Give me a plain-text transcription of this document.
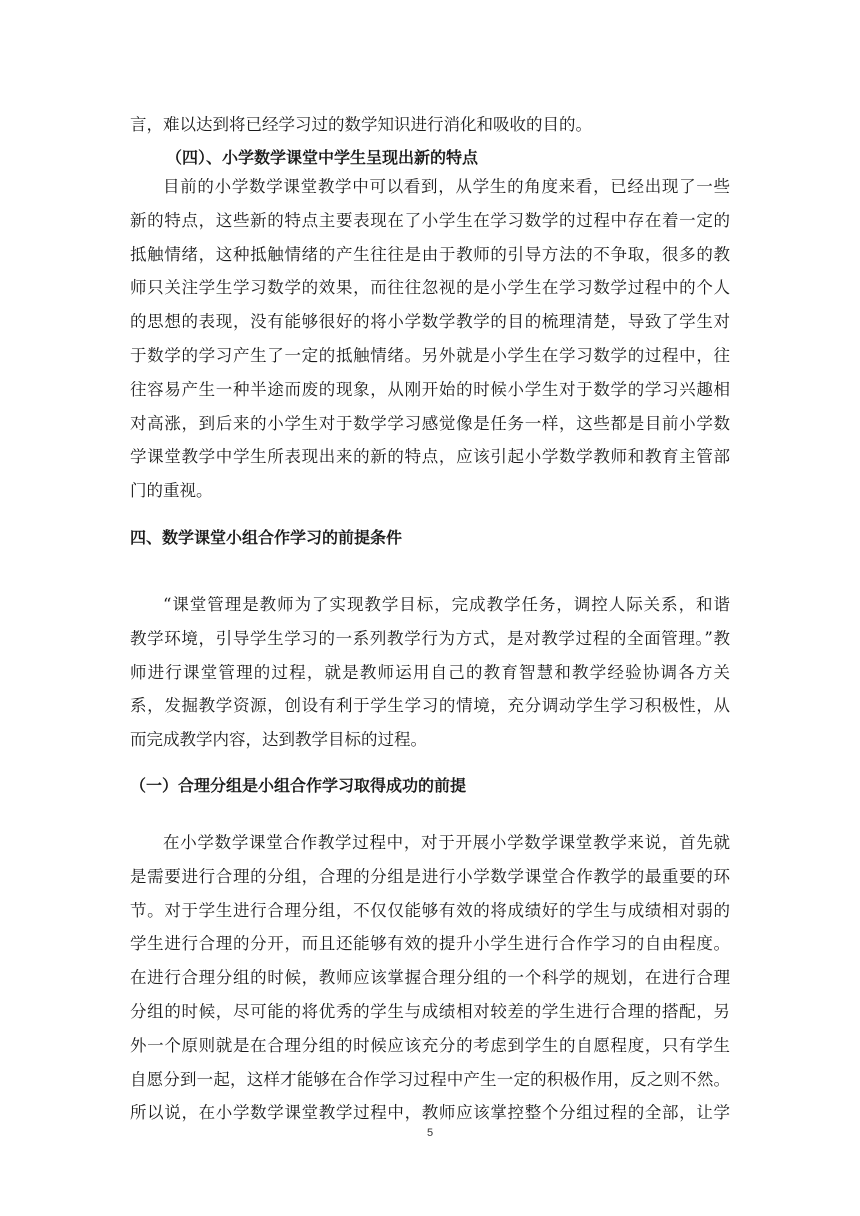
言，难以达到将已经学习过的数学知识进行消化和吸收的目的。
（四）、小学数学课堂中学生呈现出新的特点
目前的小学数学课堂教学中可以看到，从学生的角度来看，已经出现了一些
新的特点，这些新的特点主要表现在了小学生在学习数学的过程中存在着一定的
抵触情绪，这种抵触情绪的产生往往是由于教师的引导方法的不争取，很多的教
师只关注学生学习数学的效果，而往往忽视的是小学生在学习数学过程中的个人
的思想的表现，没有能够很好的将小学数学教学的目的梳理清楚，导致了学生对
于数学的学习产生了一定的抵触情绪。另外就是小学生在学习数学的过程中，往
往容易产生一种半途而废的现象，从刚开始的时候小学生对于数学的学习兴趣相
对高涨，到后来的小学生对于数学学习感觉像是任务一样，这些都是目前小学数
学课堂教学中学生所表现出来的新的特点，应该引起小学数学教师和教育主管部
门的重视。
四、数学课堂小组合作学习的前提条件
“课堂管理是教师为了实现教学目标，完成教学任务，调控人际关系，和谐
教学环境，引导学生学习的一系列教学行为方式，是对教学过程的全面管理。”教
师进行课堂管理的过程，就是教师运用自己的教育智慧和教学经验协调各方关
系，发掘教学资源，创设有利于学生学习的情境，充分调动学生学习积极性，从
而完成教学内容，达到教学目标的过程。
（一）合理分组是小组合作学习取得成功的前提
在小学数学课堂合作教学过程中，对于开展小学数学课堂教学来说，首先就
是需要进行合理的分组，合理的分组是进行小学数学课堂合作教学的最重要的环
节。对于学生进行合理分组，不仅仅能够有效的将成绩好的学生与成绩相对弱的
学生进行合理的分开，而且还能够有效的提升小学生进行合作学习的自由程度。
在进行合理分组的时候，教师应该掌握合理分组的一个科学的规划，在进行合理
分组的时候，尽可能的将优秀的学生与成绩相对较差的学生进行合理的搭配，另
外一个原则就是在合理分组的时候应该充分的考虑到学生的自愿程度，只有学生
自愿分到一起，这样才能够在合作学习过程中产生一定的积极作用，反之则不然。
所以说，在小学数学课堂教学过程中，教师应该掌控整个分组过程的全部，让学
5
